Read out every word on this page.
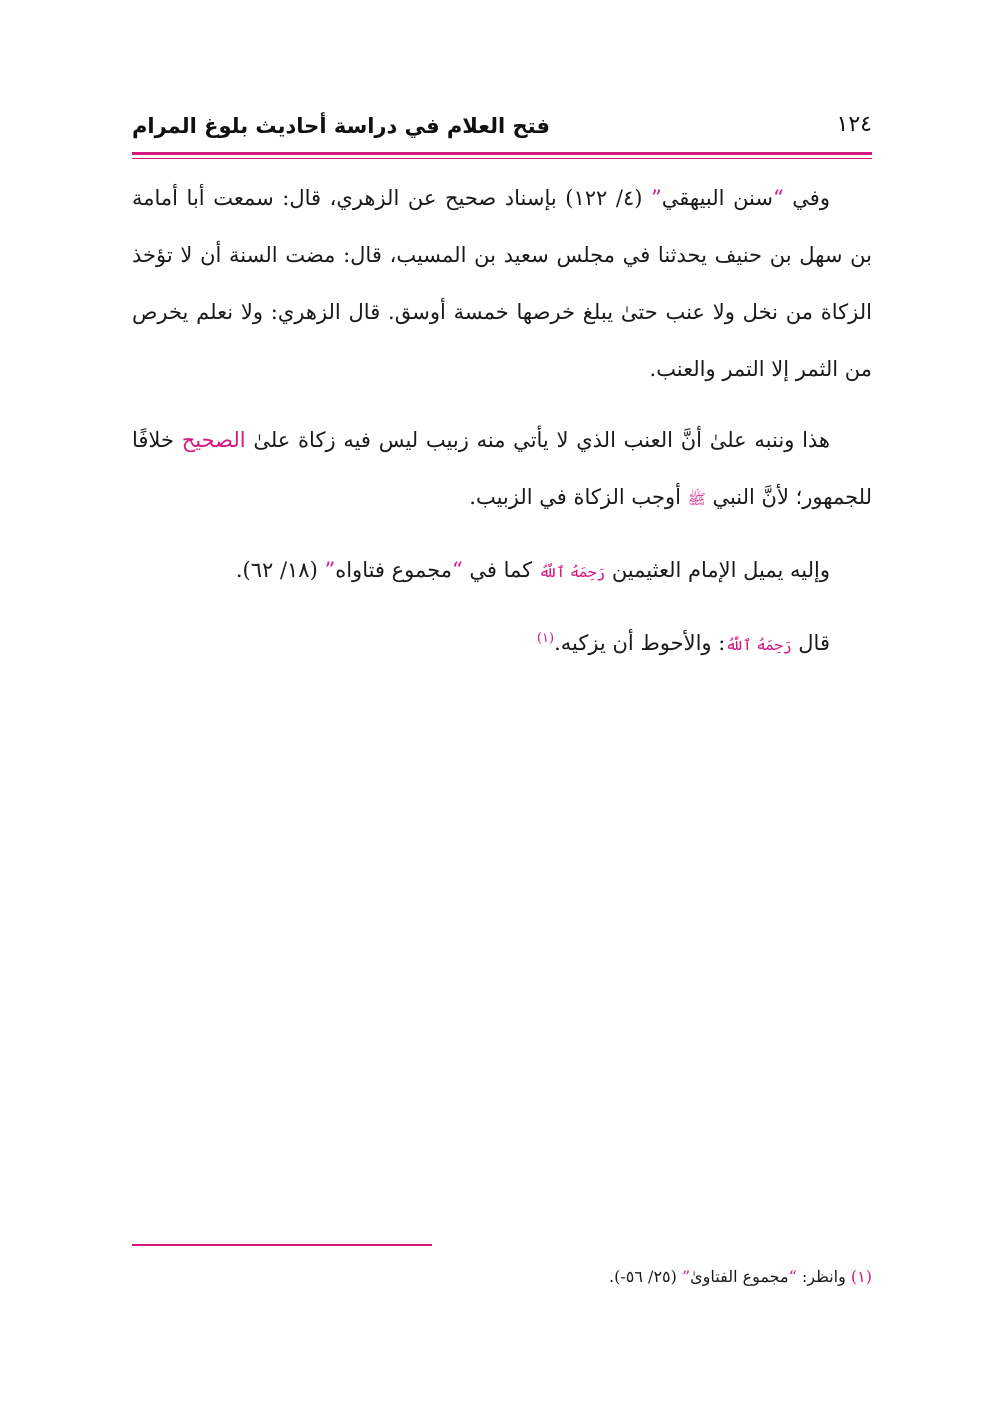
فتح العلام في دراسة أحاديث بلوغ المرام	١٢٤

وفي “سنن البيهقي” (٤/ ١٢٢) بإسناد صحيح عن الزهري، قال: سمعت أبا أمامة بن سهل بن حنيف يحدثنا في مجلس سعيد بن المسيب، قال: مضت السنة أن لا تؤخذ الزكاة من نخل ولا عنب حتىٰ يبلغ خرصها خمسة أوسق. قال الزهري: ولا نعلم يخرص من الثمر إلا التمر والعنب.

هذا وننبه علىٰ أنَّ العنب الذي لا يأتي منه زبيب ليس فيه زكاة علىٰ الصحيح خلافًا للجمهور؛ لأنَّ النبي ﷺ أوجب الزكاة في الزبيب.

وإليه يميل الإمام العثيمين رَحِمَهُ ٱللَّهُ كما في “مجموع فتاواه” (١٨/ ٦٢).

قال رَحِمَهُ ٱللَّهُ: والأحوط أن يزكيه.$^{(١)}$

(١) وانظر: “مجموع الفتاوىٰ” (٢٥/ ٥٦-).
